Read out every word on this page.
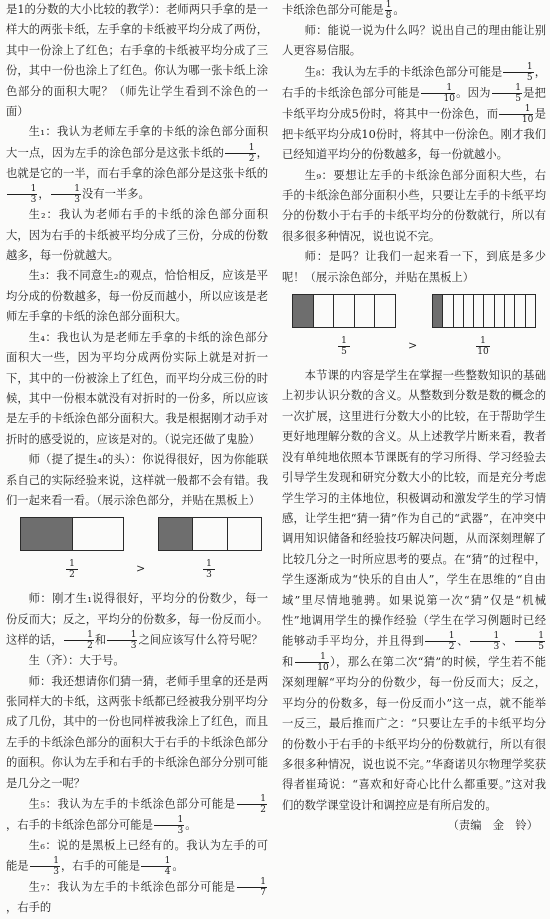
是1的分数的大小比较的教学）：老师两只手拿的是一样大的两张卡纸，左手拿的卡纸被平均分成了两份，其中一份涂上了红色；右手拿的卡纸被平均分成了三份，其中一份也涂上了红色。你认为哪一张卡纸上涂色部分的面积大呢？（师先让学生看到不涂色的一面）

生₁：我认为老师左手拿的卡纸的涂色部分面积大一点，因为左手的涂色部分是这张卡纸的 $\frac{1}{2}$ ，也就是它的一半，而右手拿的涂色部分是这张卡纸的
$\frac{1}{3}$ ， $\frac{1}{3}$ 没有一半多。

生₂：我认为老师右手的卡纸的涂色部分面积大，因为右手的卡纸被平均分成了三份，分成的份数越多，每一份就越大。

生₃：我不同意生₂的观点，恰恰相反，应该是平均分成的份数越多，每一份反而越小，所以应该是老师左手拿的卡纸的涂色部分面积大。

生₄：我也认为是老师左手拿的卡纸的涂色部分面积大一些，因为平均分成两份实际上就是对折一下，其中的一份被涂上了红色，而平均分成三份的时候，其中一份根本就没有对折时的一份多，所以应该是左手的卡纸涂色部分面积大。我是根据刚才动手对折时的感受说的，应该是对的。（说完还做了鬼脸）

师（提了提生₄的头）：你说得很好，因为你能联系自己的实际经验来说，这样就一般都不会有错。我们一起来看一看。（展示涂色部分，并贴在黑板上）

>
1
2
1
3

师：刚才生₁说得很好，平均分的份数少，每一份反而大；反之，平均分的份数多，每一份反而小。这样的话， $\frac{1}{2}$ 和 $\frac{1}{3}$ 之间应该写什么符号呢？

生（齐）：大于号。

师：我还想请你们猜一猜，老师手里拿的还是两张同样大的卡纸，这两张卡纸都已经被我分别平均分成了几份，其中的一份也同样被我涂上了红色，而且左手的卡纸涂色部分的面积大于右手的卡纸涂色部分的面积。你认为左手和右手的卡纸涂色部分分别可能是几分之一呢？

生₅：我认为左手的卡纸涂色部分可能是 $\frac{1}{2}$
，右手的卡纸涂色部分可能是 $\frac{1}{3}$ 。

生₆：说的是黑板上已经有的。我认为左手的可能是 $\frac{1}{3}$ ，右手的可能是 $\frac{1}{4}$ 。

生₇：我认为左手的卡纸涂色部分可能是 $\frac{1}{7}$
，右手的

卡纸涂色部分可能是 $\frac{1}{8}$ 。

师：能说一说为什么吗？说出自己的理由能让别人更容易信服。

生₈：我认为左手的卡纸涂色部分可能是 $\frac{1}{5}$ ，右手的卡纸涂色部分可能是 $\frac{1}{10}$ 。因为 $\frac{1}{5}$ 是把卡纸平均分成5份时，将其中一份涂色，而 $\frac{1}{10}$ 是把卡纸平均分成10份时，将其中一份涂色。刚才我们已经知道平均分的份数越多，每一份就越小。

生₉：要想让左手的卡纸涂色部分面积大些，右手的卡纸涂色部分面积小些，只要让左手的卡纸平均分的份数小于右手的卡纸平均分的份数就行，所以有很多很多种情况，说也说不完。

师：是吗？让我们一起来看一下，到底是多少呢！（展示涂色部分，并贴在黑板上）

>
1
5
1
10

本节课的内容是学生在掌握一些整数知识的基础上初步认识分数的含义。从整数到分数是数的概念的一次扩展，这里进行分数大小的比较，在于帮助学生更好地理解分数的含义。从上述教学片断来看，教者没有单纯地依照本节课既有的学习所得、学习经验去引导学生发现和研究分数大小的比较，而是充分考虑学生学习的主体地位，积极调动和激发学生的学习情感，让学生把“猜一猜”作为自己的“武器”，在冲突中调用知识储备和经验技巧解决问题，从而深刻理解了比较几分之一时所应思考的要点。在“猜”的过程中，学生逐渐成为“快乐的自由人”，学生在思维的“自由域”里尽情地驰骋。如果说第一次“猜”仅是“机械性”地调用学生的操作经验（学生在学习例题时已经能够动手平均分，并且得到 $\frac{1}{2}$ 、 $\frac{1}{3}$ 、 $\frac{1}{5}$
和 $\frac{1}{10}$ ），那么在第二次“猜”的时候，学生若不能深刻理解“平均分的份数少，每一份反而大；反之，平均分的份数多，每一份反而小”这一点，就不能举一反三，最后推而广之：“只要让左手的卡纸平均分的份数小于右手的卡纸平均分的份数就行，所以有很多很多种情况，说也说不完。”华裔诺贝尔物理学奖获得者崔琦说：“喜欢和好奇心比什么都重要。”这对我们的数学课堂设计和调控应是有所启发的。

（责编　金　铃）
